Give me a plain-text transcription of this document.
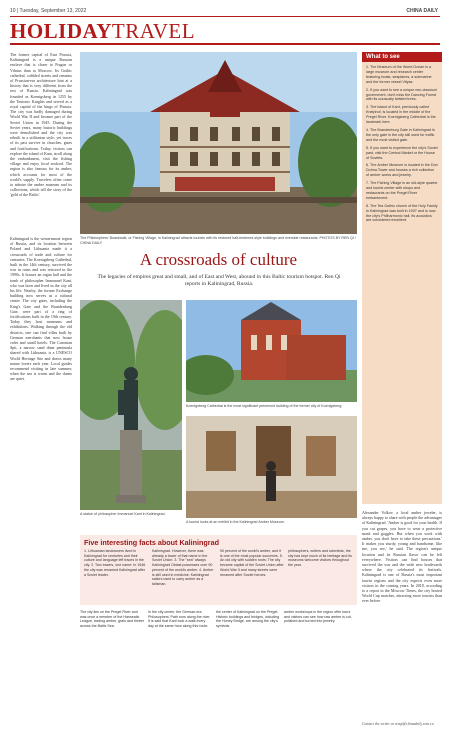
10 | Tuesday, September 13, 2022	CHINA DAILY
HOLIDAYTRAVEL
The former capital of East Prussia, Kaliningrad is a unique Russian enclave that is closer to Prague or Vilnius than to Moscow. Its Gothic cathedral, cobbled streets and remains of Prussian-era architecture hint at a history that is very different from the rest of Russia. Kaliningrad was founded as Koenigsberg in 1255 by the Teutonic Knights and served as a royal capital of the kings of Prussia. The city was badly damaged during World War II and became part of the Soviet Union in 1945. During the Soviet years, many historic buildings were demolished and the city was rebuilt in a utilitarian style, yet traces of its past survive in churches, gates and fortifications. Today, visitors can explore the island of Kant, stroll along the embankment, visit the fishing village and enjoy local seafood. The region is also famous for its amber, which accounts for most of the world's supply. Travelers often come to admire the amber museum and its collections, which tell the story of the 'gold of the Baltic'.
The Philosophers' Boardwalk, or Fishing Village, in Kaliningrad attracts tourists with its restored half-timbered-style buildings and riverside restaurants. PHOTOS BY REN QI / CHINA DAILY
What to see
1. The Museum of the World Ocean is a large museum and research center featuring boats, seaplanes, a submarine and the former vessel Vityaz.
2. If you want to see a unique neo-classical government, don't miss the Dancing Forest with its unusually twisted trees.
3. The island of Kant, previously called Kneiphof, is located in the middle of the Pregel River. Koenigsberg Cathedral is the landmark here.
4. The Brandenburg Gate in Kaliningrad is the only gate in the city still used for traffic and the most visited gate.
5. If you want to experience the city's Soviet past, visit the Central Market or the House of Soviets.
6. The Amber Museum is located in the Don Dohna Tower and houses a rich collection of amber works and jewelry.
7. The Fishing Village is an old-style quarter and tourist center with shops and restaurants on the Pregel River embankment.
8. The Tea Gothic church of the Holy Family in Kaliningrad was built in 1907 and is now the city's Philharmonic hall. Its acoustics are considered excellent.
A crossroads of culture
The legacies of empires great and small, and of East and West, abound in this Baltic tourism hotspot. Ren Qi reports in Kaliningrad, Russia.
Kaliningrad is the westernmost region of Russia, and its location between Poland and Lithuania made it a crossroads of trade and culture for centuries. The Koenigsberg Cathedral, built in the 14th century, survived the war in ruins and was restored in the 1990s. It houses an organ hall and the tomb of philosopher Immanuel Kant, who was born and lived in the city all his life. Nearby, the former Exchange building now serves as a cultural center. The city gates, including the King's Gate and the Brandenburg Gate, were part of a ring of fortifications built in the 19th century. Today they host museums and exhibitions. Walking through the old districts, one can find villas built by German merchants that now house cafes and small hotels. The Curonian Spit, a narrow sand dune peninsula shared with Lithuania, is a UNESCO World Heritage Site and draws many nature lovers each year. Local guides recommend visiting in late summer, when the sea is warm and the dunes are quiet.
A statue of philosopher Immanuel Kant in Kaliningrad.
Koenigsberg Cathedral is the most significant preserved building of the former city of Koenigsberg.
A tourist looks at an exhibit in the Kaliningrad Amber Museum.
Five interesting facts about Kaliningrad
1. Lithuanian landowners lived in Kaliningrad for centuries and their culture and language left traces in the city. 2. Two towers, one name: In 1946 the city was renamed Kaliningrad after a Soviet leader.
Kaliningrad. However, there was already a tower of that name in the Soviet Union. 3. The "sea" always Kaliningrad Oblast possesses over 90 percent of the world's amber. 4. Amber is still used in medicine: Kaliningrad sailors used to carry amber as a talisman.
90 percent of the world's amber, and it is one of the most popular souvenirs. 5. An old city with sudden roots: The city became capital of the Soviet Union after World War II and many streets were renamed after Soviet heroes.
philosophers, writers and scientists, the city has kept much of its heritage and its museums welcome visitors throughout the year.
The city lies on the Pregel River and was once a member of the Hanseatic League, trading amber, grain and timber across the Baltic Sea.
In the city center, the German-era Philosophers' Path runs along the river. It is said that Kant took a walk every day at the same hour along this route.
the center of Kaliningrad on the Pregel. Historic buildings and bridges, including the Honey Bridge, are among the city's symbols.
amber workshops in the region offer tours and visitors can see how raw amber is cut, polished and turned into jewelry.
Alexander Volkov, a local amber jeweler, is always happy to share with people the advantages of Kaliningrad. 'Amber is good for your health. If you cut grapes, you have to wear a protective mask and goggles. But when you work with amber, you don't have to take these precautions.' It makes you sturdy, young and handsome, like me, you see,' he said. The region's unique location and its Russian flavor can be felt everywhere. Visitors can find houses that survived the war and the wide new boulevards where the city celebrated its festivals. Kaliningrad is one of Russia's most important tourist regions and the city expects even more visitors in the coming years. In 2018, according to a report in the Moscow Times, the city hosted World Cup matches, attracting more tourists than ever before.
Contact the writer at renqi@chinadaily.com.cn
